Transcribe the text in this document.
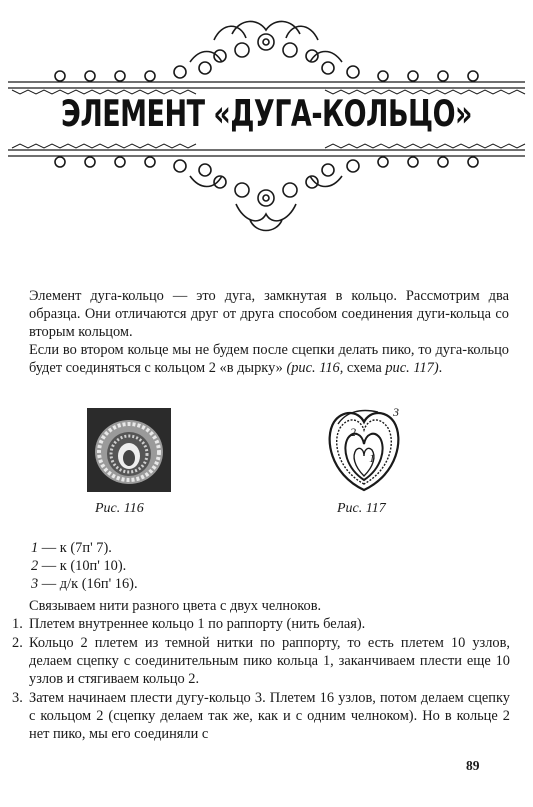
ЭЛЕМЕНТ «ДУГА-КОЛЬЦО»

Элемент дуга-кольцо — это дуга, замкнутая в кольцо. Рассмотрим два образца. Они отличаются друг от друга способом соединения дуги-кольца со вторым кольцом.

Если во втором кольце мы не будем после сцепки делать пико, то дуга-кольцо будет соединяться с кольцом 2 «в дырку» (рис. 116, схема рис. 117).

Рис. 116
1
2
3
Рис. 117
1 — к (7п' 7).
2 — к (10п' 10).
3 — д/к (16п' 16).
Связываем нити разного цвета с двух челноков.
1. Плетем внутреннее кольцо 1 по раппорту (нить белая).
2. Кольцо 2 плетем из темной нитки по раппорту, то есть плетем 10 узлов, делаем сцепку с соединительным пико кольца 1, заканчиваем плести еще 10 узлов и стягиваем кольцо 2.
3. Затем начинаем плести дугу-кольцо 3. Плетем 16 узлов, потом делаем сцепку с кольцом 2 (сцепку делаем так же, как и с одним челноком). Но в кольце 2 нет пико, мы его соединяли с
89
